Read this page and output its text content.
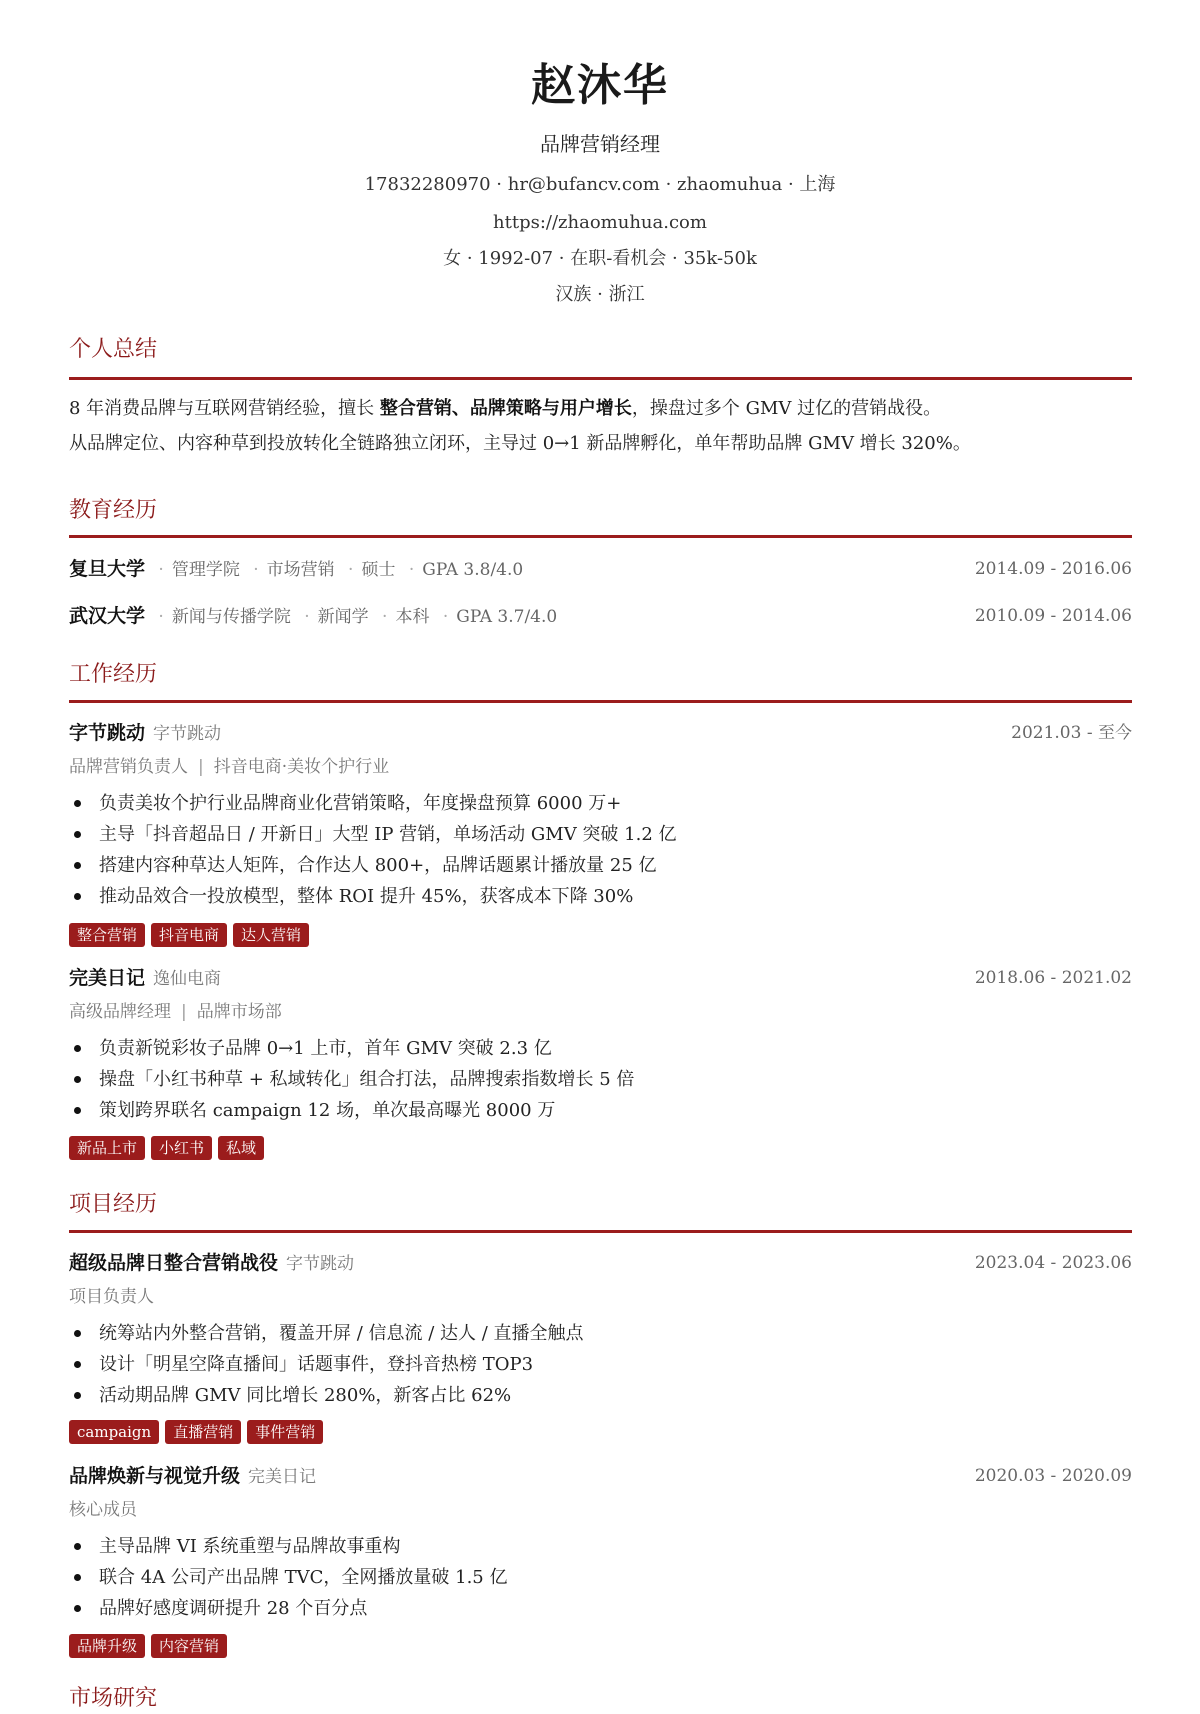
赵沐华
品牌营销经理
17832280970 · hr@bufancv.com · zhaomuhua · 上海
https://zhaomuhua.com
女 · 1992-07 · 在职-看机会 · 35k-50k
汉族 · 浙江
个人总结
8 年消费品牌与互联网营销经验，擅长 整合营销、品牌策略与用户增长，操盘过多个 GMV 过亿的营销战役。
从品牌定位、内容种草到投放转化全链路独立闭环，主导过 0→1 新品牌孵化，单年帮助品牌 GMV 增长 320%。
教育经历
复旦大学 · 管理学院 · 市场营销 · 硕士 · GPA 3.8/4.0	2014.09 - 2016.06
武汉大学 · 新闻与传播学院 · 新闻学 · 本科 · GPA 3.7/4.0	2010.09 - 2014.06
工作经历
字节跳动 字节跳动	2021.03 - 至今
品牌营销负责人 | 抖音电商·美妆个护行业
负责美妆个护行业品牌商业化营销策略，年度操盘预算 6000 万+
主导「抖音超品日 / 开新日」大型 IP 营销，单场活动 GMV 突破 1.2 亿
搭建内容种草达人矩阵，合作达人 800+，品牌话题累计播放量 25 亿
推动品效合一投放模型，整体 ROI 提升 45%，获客成本下降 30%
整合营销 抖音电商 达人营销
完美日记 逸仙电商	2018.06 - 2021.02
高级品牌经理 | 品牌市场部
负责新锐彩妆子品牌 0→1 上市，首年 GMV 突破 2.3 亿
操盘「小红书种草 + 私域转化」组合打法，品牌搜索指数增长 5 倍
策划跨界联名 campaign 12 场，单次最高曝光 8000 万
新品上市 小红书 私域
项目经历
超级品牌日整合营销战役 字节跳动	2023.04 - 2023.06
项目负责人
统筹站内外整合营销，覆盖开屏 / 信息流 / 达人 / 直播全触点
设计「明星空降直播间」话题事件，登抖音热榜 TOP3
活动期品牌 GMV 同比增长 280%，新客占比 62%
campaign 直播营销 事件营销
品牌焕新与视觉升级 完美日记	2020.03 - 2020.09
核心成员
主导品牌 VI 系统重塑与品牌故事重构
联合 4A 公司产出品牌 TVC，全网播放量破 1.5 亿
品牌好感度调研提升 28 个百分点
品牌升级 内容营销
市场研究
